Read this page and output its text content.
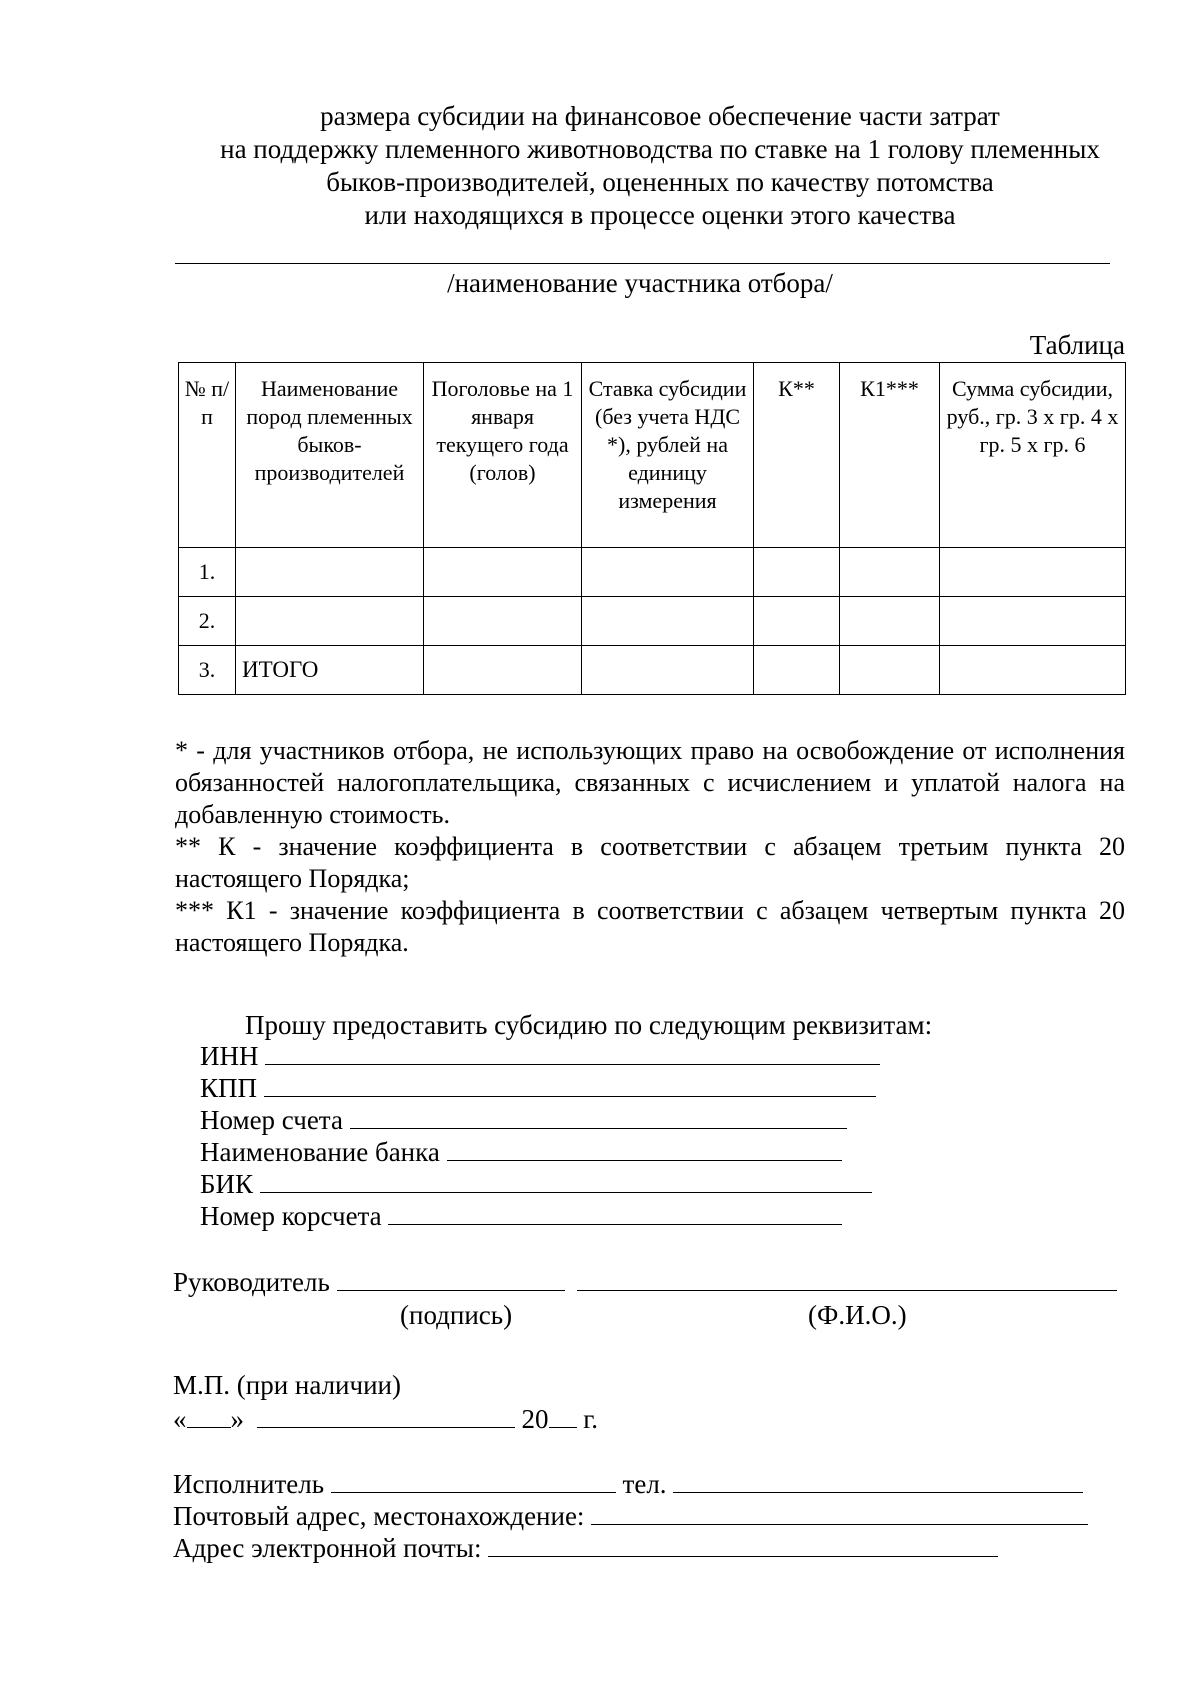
размера субсидии на финансовое обеспечение части затрат
на поддержку племенного животноводства по ставке на 1 голову племенных
быков-производителей, оцененных по качеству потомства
или находящихся в процессе оценки этого качества
/наименование участника отбора/
Таблица
№ п/п	Наименование пород племенных быков-производителей	Поголовье на 1 января текущего года (голов)	Ставка субсидии (без учета НДС *), рублей на единицу измерения	К**	К1***	Сумма субсидии, руб., гр. 3 x гр. 4 x гр. 5 x гр. 6
1.						
2.						
3.	ИТОГО					
* - для участников отбора, не использующих право на освобождение от исполнения обязанностей налогоплательщика, связанных с исчислением и уплатой налога на добавленную стоимость.
** К - значение коэффициента в соответствии с абзацем третьим пункта 20 настоящего Порядка;
*** К1 - значение коэффициента в соответствии с абзацем четвертым пункта 20 настоящего Порядка.
Прошу предоставить субсидию по следующим реквизитам:
ИНН
КПП
Номер счета
Наименование банка
БИК
Номер корсчета
Руководитель
(подпись)	(Ф.И.О.)
М.П. (при наличии)
« »	20 г.
Исполнитель	тел.
Почтовый адрес, местонахождение:
Адрес электронной почты:
